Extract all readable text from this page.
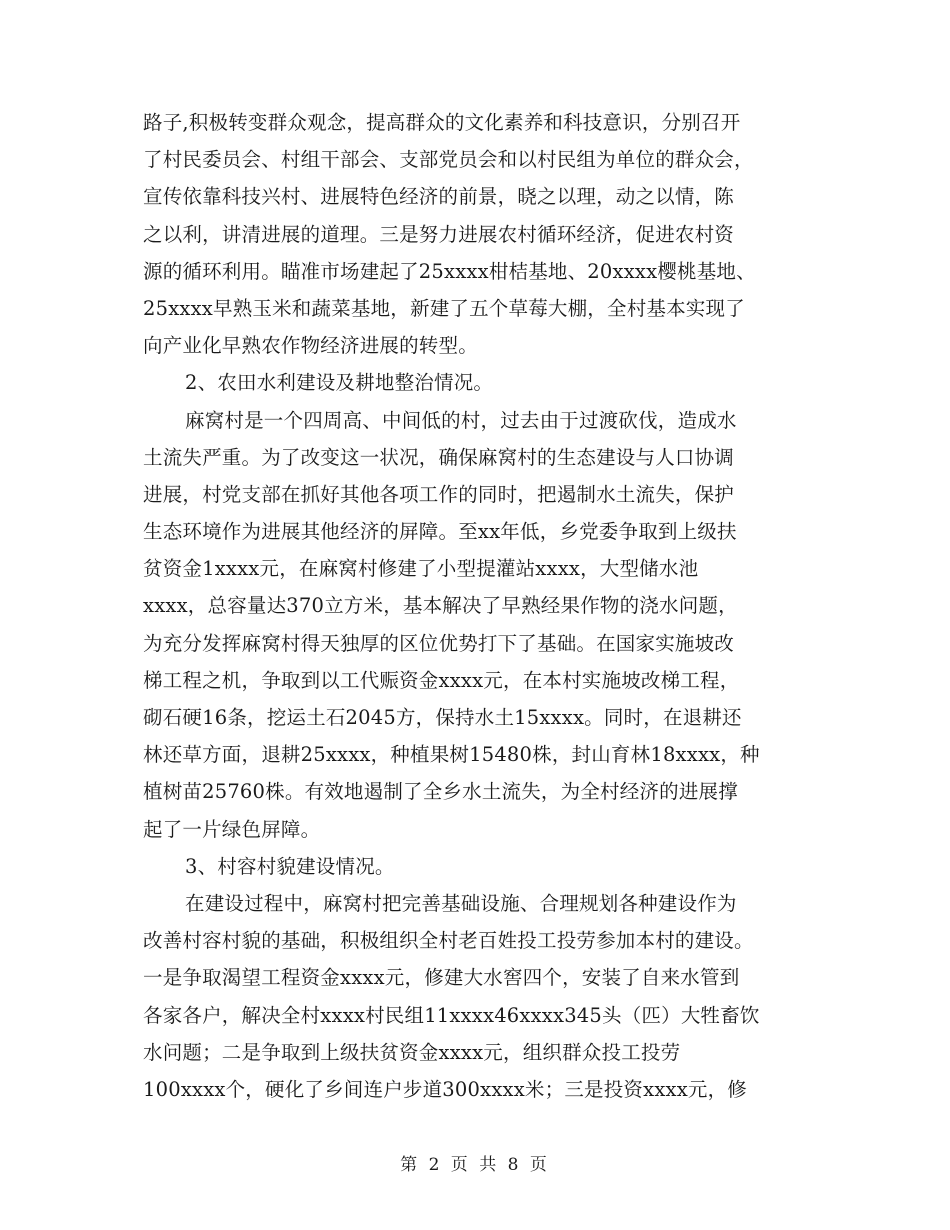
路子,积极转变群众观念，提高群众的文化素养和科技意识，分别召开
了村民委员会、村组干部会、支部党员会和以村民组为单位的群众会，
宣传依靠科技兴村、进展特色经济的前景，晓之以理，动之以情，陈
之以利，讲清进展的道理。三是努力进展农村循环经济，促进农村资
源的循环利用。瞄准市场建起了25xxxx柑桔基地、20xxxx樱桃基地、
25xxxx早熟玉米和蔬菜基地，新建了五个草莓大棚，全村基本实现了
向产业化早熟农作物经济进展的转型。
2、农田水利建设及耕地整治情况。
麻窝村是一个四周高、中间低的村，过去由于过渡砍伐，造成水
土流失严重。为了改变这一状况，确保麻窝村的生态建设与人口协调
进展，村党支部在抓好其他各项工作的同时，把遏制水土流失，保护
生态环境作为进展其他经济的屏障。至xx年低，乡党委争取到上级扶
贫资金1xxxx元，在麻窝村修建了小型提灌站xxxx，大型储水池
xxxx，总容量达370立方米，基本解决了早熟经果作物的浇水问题，
为充分发挥麻窝村得天独厚的区位优势打下了基础。在国家实施坡改
梯工程之机，争取到以工代赈资金xxxx元，在本村实施坡改梯工程，
砌石硬16条，挖运土石2045方，保持水土15xxxx。同时，在退耕还
林还草方面，退耕25xxxx，种植果树15480株，封山育林18xxxx，种
植树苗25760株。有效地遏制了全乡水土流失，为全村经济的进展撑
起了一片绿色屏障。
3、村容村貌建设情况。
在建设过程中，麻窝村把完善基础设施、合理规划各种建设作为
改善村容村貌的基础，积极组织全村老百姓投工投劳参加本村的建设。
一是争取渴望工程资金xxxx元，修建大水窖四个，安装了自来水管到
各家各户，解决全村xxxx村民组11xxxx46xxxx345头（匹）大牲畜饮
水问题；二是争取到上级扶贫资金xxxx元，组织群众投工投劳
100xxxx个，硬化了乡间连户步道300xxxx米；三是投资xxxx元，修
第 2 页 共 8 页
